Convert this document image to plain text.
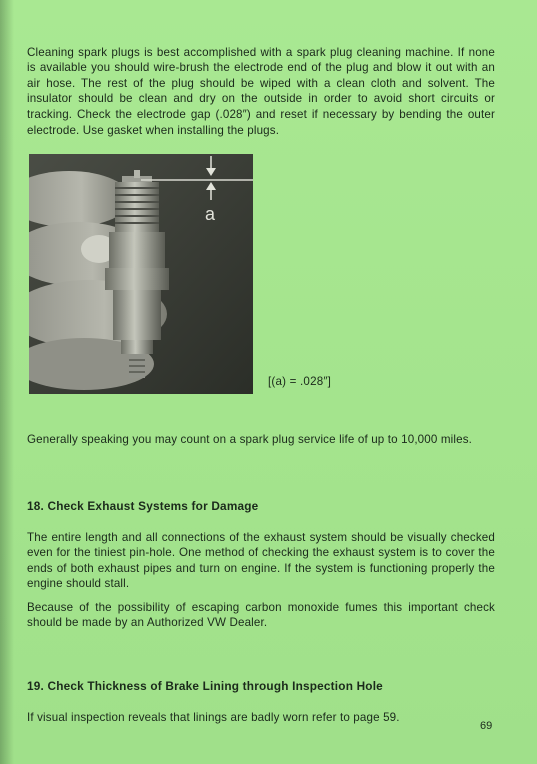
Cleaning spark plugs is best accomplished with a spark plug cleaning machine. If none is available you should wire-brush the electrode end of the plug and blow it out with an air hose. The rest of the plug should be wiped with a clean cloth and solvent. The insulator should be clean and dry on the outside in order to avoid short circuits or tracking. Check the electrode gap (.028″) and reset if necessary by bending the outer electrode. Use gasket when installing the plugs.

a
[(a) = .028″]

Generally speaking you may count on a spark plug service life of up to 10,000 miles.

18. Check Exhaust Systems for Damage

The entire length and all connections of the exhaust system should be visually checked even for the tiniest pin-hole. One method of checking the exhaust system is to cover the ends of both exhaust pipes and turn on engine. If the system is functioning properly the engine should stall.

Because of the possibility of escaping carbon monoxide fumes this important check should be made by an Authorized VW Dealer.

19. Check Thickness of Brake Lining through Inspection Hole

If visual inspection reveals that linings are badly worn refer to page 59.

69
